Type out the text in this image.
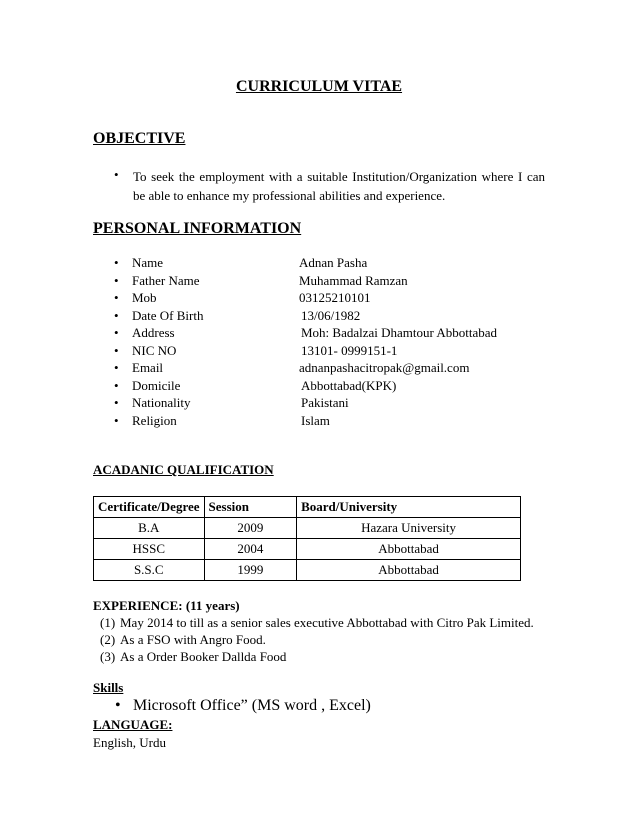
CURRICULUM VITAE
OBJECTIVE
• To seek the employment with a suitable Institution/Organization where I can be able to enhance my professional abilities and experience.
PERSONAL INFORMATION
• Name	Adnan Pasha
• Father Name	Muhammad Ramzan
• Mob	03125210101
• Date Of Birth	13/06/1982
• Address	Moh: Badalzai Dhamtour Abbottabad
• NIC NO	13101- 0999151-1
• Email	adnanpashacitropak@gmail.com
• Domicile	Abbottabad(KPK)
• Nationality	Pakistani
• Religion	Islam
ACADANIC QUALIFICATION
Certificate/Degree	Session	Board/University
B.A	2009	Hazara University
HSSC	2004	Abbottabad
S.S.C	1999	Abbottabad
EXPERIENCE: (11 years)
(1) May 2014 to till as a senior sales executive Abbottabad with Citro Pak Limited.
(2) As a FSO with Angro Food.
(3) As a Order Booker Dallda Food
Skills
• Microsoft Office” (MS word , Excel)
LANGUAGE:
English, Urdu
